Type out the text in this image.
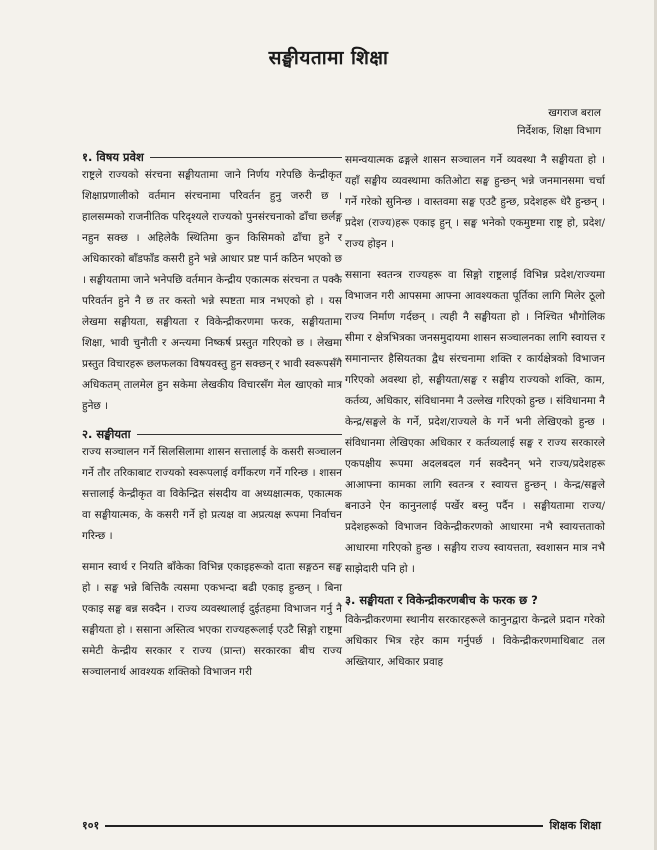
सङ्घीयतामा शिक्षा
खगराज बराल
निर्देशक, शिक्षा विभाग
१. विषय प्रवेश

राष्ट्रले राज्यको संरचना सङ्घीयतामा जाने निर्णय गरेपछि केन्द्रीकृत शिक्षाप्रणालीको वर्तमान संरचनामा परिवर्तन हुनु जरुरी छ । हालसम्मको राजनीतिक परिदृश्यले राज्यको पुनसंरचनाको ढाँचा छर्लङ्ग नहुन सक्छ । अहिलेकै स्थितिमा कुन किसिमको ढाँचा हुने र अधिकारको बाँडफाँड कसरी हुने भन्ने आधार प्रष्ट पार्न कठिन भएको छ । सङ्घीयतामा जाने भनेपछि वर्तमान केन्द्रीय एकात्मक संरचना त पक्कै परिवर्तन हुने नै छ तर कस्तो भन्ने स्पष्टता मात्र नभएको हो । यस लेखमा सङ्घीयता, सङ्घीयता र विकेन्द्रीकरणमा फरक, सङ्घीयतामा शिक्षा, भावी चुनौती र अन्त्यमा निष्कर्ष प्रस्तुत गरिएको छ । लेखमा प्रस्तुत विचारहरू छलफलका विषयवस्तु हुन सक्छन् र भावी स्वरूपसँगै अधिकतम् तालमेल हुन सकेमा लेखकीय विचारसँग मेल खाएको मात्र हुनेछ ।

२. सङ्घीयता

राज्य सञ्चालन गर्ने सिलसिलामा शासन सत्तालाई के कसरी सञ्चालन गर्ने तौर तरिकाबाट राज्यको स्वरूपलाई वर्गीकरण गर्ने गरिन्छ । शासन सत्तालाई केन्द्रीकृत वा विकेन्द्रित संसदीय वा अध्यक्षात्मक, एकात्मक वा सङ्घीयात्मक, के कसरी गर्ने हो प्रत्यक्ष वा अप्रत्यक्ष रूपमा निर्वाचन गरिन्छ ।

समान स्वार्थ र नियति बाँकेका विभिन्न एकाइहरूको दाता सङ्गठन सङ्घ हो । सङ्घ भन्ने बित्तिकै त्यसमा एकभन्दा बढी एकाइ हुन्छन् । बिना एकाइ सङ्घ बन्न सक्दैन । राज्य व्यवस्थालाई दुईतहमा विभाजन गर्नु नै सङ्घीयता हो । ससाना अस्तित्व भएका राज्यहरूलाई एउटै सिङ्गो राष्ट्रमा समेटी केन्द्रीय सरकार र राज्य (प्रान्त) सरकारका बीच राज्य सञ्चालनार्थ आवश्यक शक्तिको विभाजन गरी

समन्वयात्मक ढङ्गले शासन सञ्चालन गर्ने व्यवस्था नै सङ्घीयता हो । यहाँ सङ्घीय व्यवस्थामा कतिओटा सङ्घ हुन्छन् भन्ने जनमानसमा चर्चा गर्ने गरेको सुनिन्छ । वास्तवमा सङ्घ एउटै हुन्छ, प्रदेशहरू धेरै हुन्छन् । प्रदेश (राज्य)हरू एकाइ हुन् । सङ्घ भनेको एकमुष्टमा राष्ट्र हो, प्रदेश/राज्य होइन ।

ससाना स्वतन्त्र राज्यहरू वा सिङ्गो राष्ट्रलाई विभिन्न प्रदेश/राज्यमा विभाजन गरी आपसमा आफ्ना आवश्यकता पूर्तिका लागि मिलेर ठूलो राज्य निर्माण गर्दछन् । त्यही नै सङ्घीयता हो । निश्चित भौगोलिक सीमा र क्षेत्रभित्रका जनसमुदायमा शासन सञ्चालनका लागि स्वायत्त र समानान्तर हैसियतका द्वैध संरचनामा शक्ति र कार्यक्षेत्रको विभाजन गरिएको अवस्था हो, सङ्घीयता/सङ्घ र सङ्घीय राज्यको शक्ति, काम, कर्तव्य, अधिकार, संविधानमा नै उल्लेख गरिएको हुन्छ । संविधानमा नै केन्द्र/सङ्घले के गर्ने, प्रदेश/राज्यले के गर्ने भनी लेखिएको हुन्छ । संविधानमा लेखिएका अधिकार र कर्तव्यलाई सङ्घ र राज्य सरकारले एकपक्षीय रूपमा अदलबदल गर्न सक्दैनन् भने राज्य/प्रदेशहरू आआफ्ना कामका लागि स्वतन्त्र र स्वायत्त हुन्छन् । केन्द्र/सङ्घले बनाउने ऐन कानुनलाई पर्खेर बस्नु पर्दैन । सङ्घीयतामा राज्य/प्रदेशहरूको विभाजन विकेन्द्रीकरणको आधारमा नभै स्वायत्तताको आधारमा गरिएको हुन्छ । सङ्घीय राज्य स्वायत्तता, स्वशासन मात्र नभै साझेदारी पनि हो ।

३. सङ्घीयता र विकेन्द्रीकरणबीच के फरक छ ?

विकेन्द्रीकरणमा स्थानीय सरकारहरूले कानुनद्वारा केन्द्रले प्रदान गरेको अधिकार भित्र रहेर काम गर्नुपर्छ । विकेन्द्रीकरणमाथिबाट तल अख्तियार, अधिकार प्रवाह

१०१	शिक्षक शिक्षा
